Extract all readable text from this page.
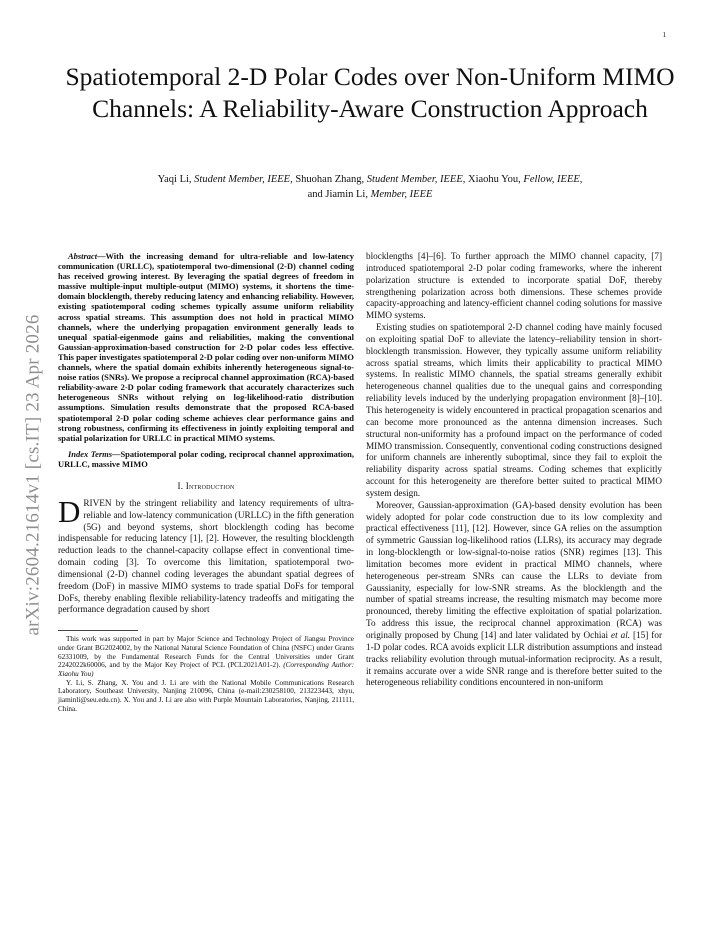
1
arXiv:2604.21614v1 [cs.IT] 23 Apr 2026
Spatiotemporal 2-D Polar Codes over Non-Uniform MIMO Channels: A Reliability-Aware Construction Approach
Yaqi Li, Student Member, IEEE, Shuohan Zhang, Student Member, IEEE, Xiaohu You, Fellow, IEEE,
and Jiamin Li, Member, IEEE

Abstract—With the increasing demand for ultra-reliable and low-latency communication (URLLC), spatiotemporal two-dimensional (2-D) channel coding has received growing interest. By leveraging the spatial degrees of freedom in massive multiple-input multiple-output (MIMO) systems, it shortens the time-domain blocklength, thereby reducing latency and enhancing reliability. However, existing spatiotemporal coding schemes typically assume uniform reliability across spatial streams. This assumption does not hold in practical MIMO channels, where the underlying propagation environment generally leads to unequal spatial-eigenmode gains and reliabilities, making the conventional Gaussian-approximation-based construction for 2-D polar codes less effective. This paper investigates spatiotemporal 2-D polar coding over non-uniform MIMO channels, where the spatial domain exhibits inherently heterogeneous signal-to-noise ratios (SNRs). We propose a reciprocal channel approximation (RCA)-based reliability-aware 2-D polar coding framework that accurately characterizes such heterogeneous SNRs without relying on log-likelihood-ratio distribution assumptions. Simulation results demonstrate that the proposed RCA-based spatiotemporal 2-D polar coding scheme achieves clear performance gains and strong robustness, confirming its effectiveness in jointly exploiting temporal and spatial polarization for URLLC in practical MIMO systems.

Index Terms—Spatiotemporal polar coding, reciprocal channel approximation, URLLC, massive MIMO

I. Introduction

DRIVEN by the stringent reliability and latency requirements of ultra-reliable and low-latency communication (URLLC) in the fifth generation (5G) and beyond systems, short blocklength coding has become indispensable for reducing latency [1], [2]. However, the resulting blocklength reduction leads to the channel-capacity collapse effect in conventional time-domain coding [3]. To overcome this limitation, spatiotemporal two-dimensional (2-D) channel coding leverages the abundant spatial degrees of freedom (DoF) in massive MIMO systems to trade spatial DoFs for temporal DoFs, thereby enabling flexible reliability-latency tradeoffs and mitigating the performance degradation caused by short

This work was supported in part by Major Science and Technology Project of Jiangsu Province under Grant BG2024002, by the National Natural Science Foundation of China (NSFC) under Grants 62331009, by the Fundamental Research Funds for the Central Universities under Grant 2242022k60006, and by the Major Key Project of PCL (PCL2021A01-2). (Corresponding Author: Xiaohu You)

Y. Li, S. Zhang, X. You and J. Li are with the National Mobile Communications Research Laboratory, Southeast University, Nanjing 210096, China (e-mail:230258100, 213223443, xhyu, jiaminli@seu.edu.cn). X. You and J. Li are also with Purple Mountain Laboratories, Nanjing, 211111, China.

blocklengths [4]–[6]. To further approach the MIMO channel capacity, [7] introduced spatiotemporal 2-D polar coding frameworks, where the inherent polarization structure is extended to incorporate spatial DoF, thereby strengthening polarization across both dimensions. These schemes provide capacity-approaching and latency-efficient channel coding solutions for massive MIMO systems.

Existing studies on spatiotemporal 2-D channel coding have mainly focused on exploiting spatial DoF to alleviate the latency–reliability tension in short-blocklength transmission. However, they typically assume uniform reliability across spatial streams, which limits their applicability to practical MIMO systems. In realistic MIMO channels, the spatial streams generally exhibit heterogeneous channel qualities due to the unequal gains and corresponding reliability levels induced by the underlying propagation environment [8]–[10]. This heterogeneity is widely encountered in practical propagation scenarios and can become more pronounced as the antenna dimension increases. Such structural non-uniformity has a profound impact on the performance of coded MIMO transmission. Consequently, conventional coding constructions designed for uniform channels are inherently suboptimal, since they fail to exploit the reliability disparity across spatial streams. Coding schemes that explicitly account for this heterogeneity are therefore better suited to practical MIMO system design.

Moreover, Gaussian-approximation (GA)-based density evolution has been widely adopted for polar code construction due to its low complexity and practical effectiveness [11], [12]. However, since GA relies on the assumption of symmetric Gaussian log-likelihood ratios (LLRs), its accuracy may degrade in long-blocklength or low-signal-to-noise ratios (SNR) regimes [13]. This limitation becomes more evident in practical MIMO channels, where heterogeneous per-stream SNRs can cause the LLRs to deviate from Gaussianity, especially for low-SNR streams. As the blocklength and the number of spatial streams increase, the resulting mismatch may become more pronounced, thereby limiting the effective exploitation of spatial polarization. To address this issue, the reciprocal channel approximation (RCA) was originally proposed by Chung [14] and later validated by Ochiai et al. [15] for 1-D polar codes. RCA avoids explicit LLR distribution assumptions and instead tracks reliability evolution through mutual-information reciprocity. As a result, it remains accurate over a wide SNR range and is therefore better suited to the heterogeneous reliability conditions encountered in non-uniform
